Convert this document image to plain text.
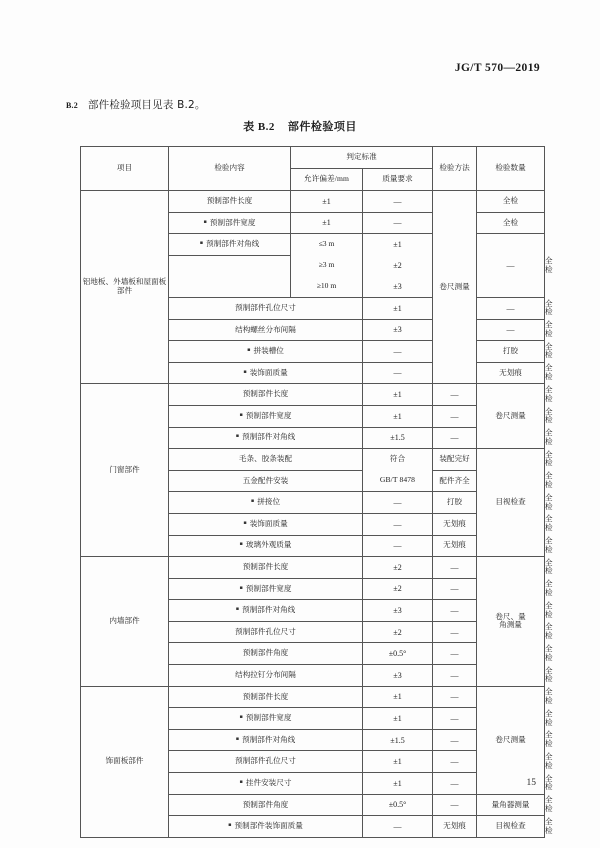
JG/T 570—2019
B.2 部件检验项目见表 B.2。
表 B.2 部件检验项目
项目	检验内容	判定标准		检验方法	检验数量	
		允许偏差/mm	质量要求			
铝地板、外墙板和屋面板部件	预制部件长度	±1	—	卷尺测量	全检	
	▪ 预制部件宽度	±1	—		全检	
	▪ 预制部件对角线	≤3 m	±1		—	全检
		≥3 m	±2			
		≥10 m	±3			
	预制部件孔位尺寸		±1		—	全检
	结构螺丝分布间隔		±3		—	全检
	▪ 拼装槽位		—		打胶	全检
	▪ 装饰面质量		—		无划痕	全检
门窗部件	预制部件长度		±1	—	卷尺测量	全检
	▪ 预制部件宽度		±1	—		全检
	▪ 预制部件对角线		±1.5	—		全检
	毛条、胶条装配		符合	装配完好	目视检查	全检
	五金配件安装		GB/T 8478	配件齐全		全检
	▪ 拼接位		—	打胶		全检
	▪ 装饰面质量		—	无划痕		全检
	▪ 玻璃外观质量		—	无划痕		全检
内墙部件	预制部件长度		±2	—	卷尺、量
角测量	全检
	▪ 预制部件宽度		±2	—		全检
	▪ 预制部件对角线		±3	—		全检
	预制部件孔位尺寸		±2	—		全检
	预制部件角度		±0.5°	—		全检
	结构拉钉分布间隔		±3	—		全检
饰面板部件	预制部件长度		±1	—	卷尺测量	全检
	▪ 预制部件宽度		±1	—		全检
	▪ 预制部件对角线		±1.5	—		全检
	预制部件孔位尺寸		±1	—		全检
	▪ 挂件安装尺寸		±1	—		全检
	预制部件角度		±0.5°	—	量角器测量	全检
	▪ 预制部件装饰面质量		—	无划痕	目视检查	全检
15
